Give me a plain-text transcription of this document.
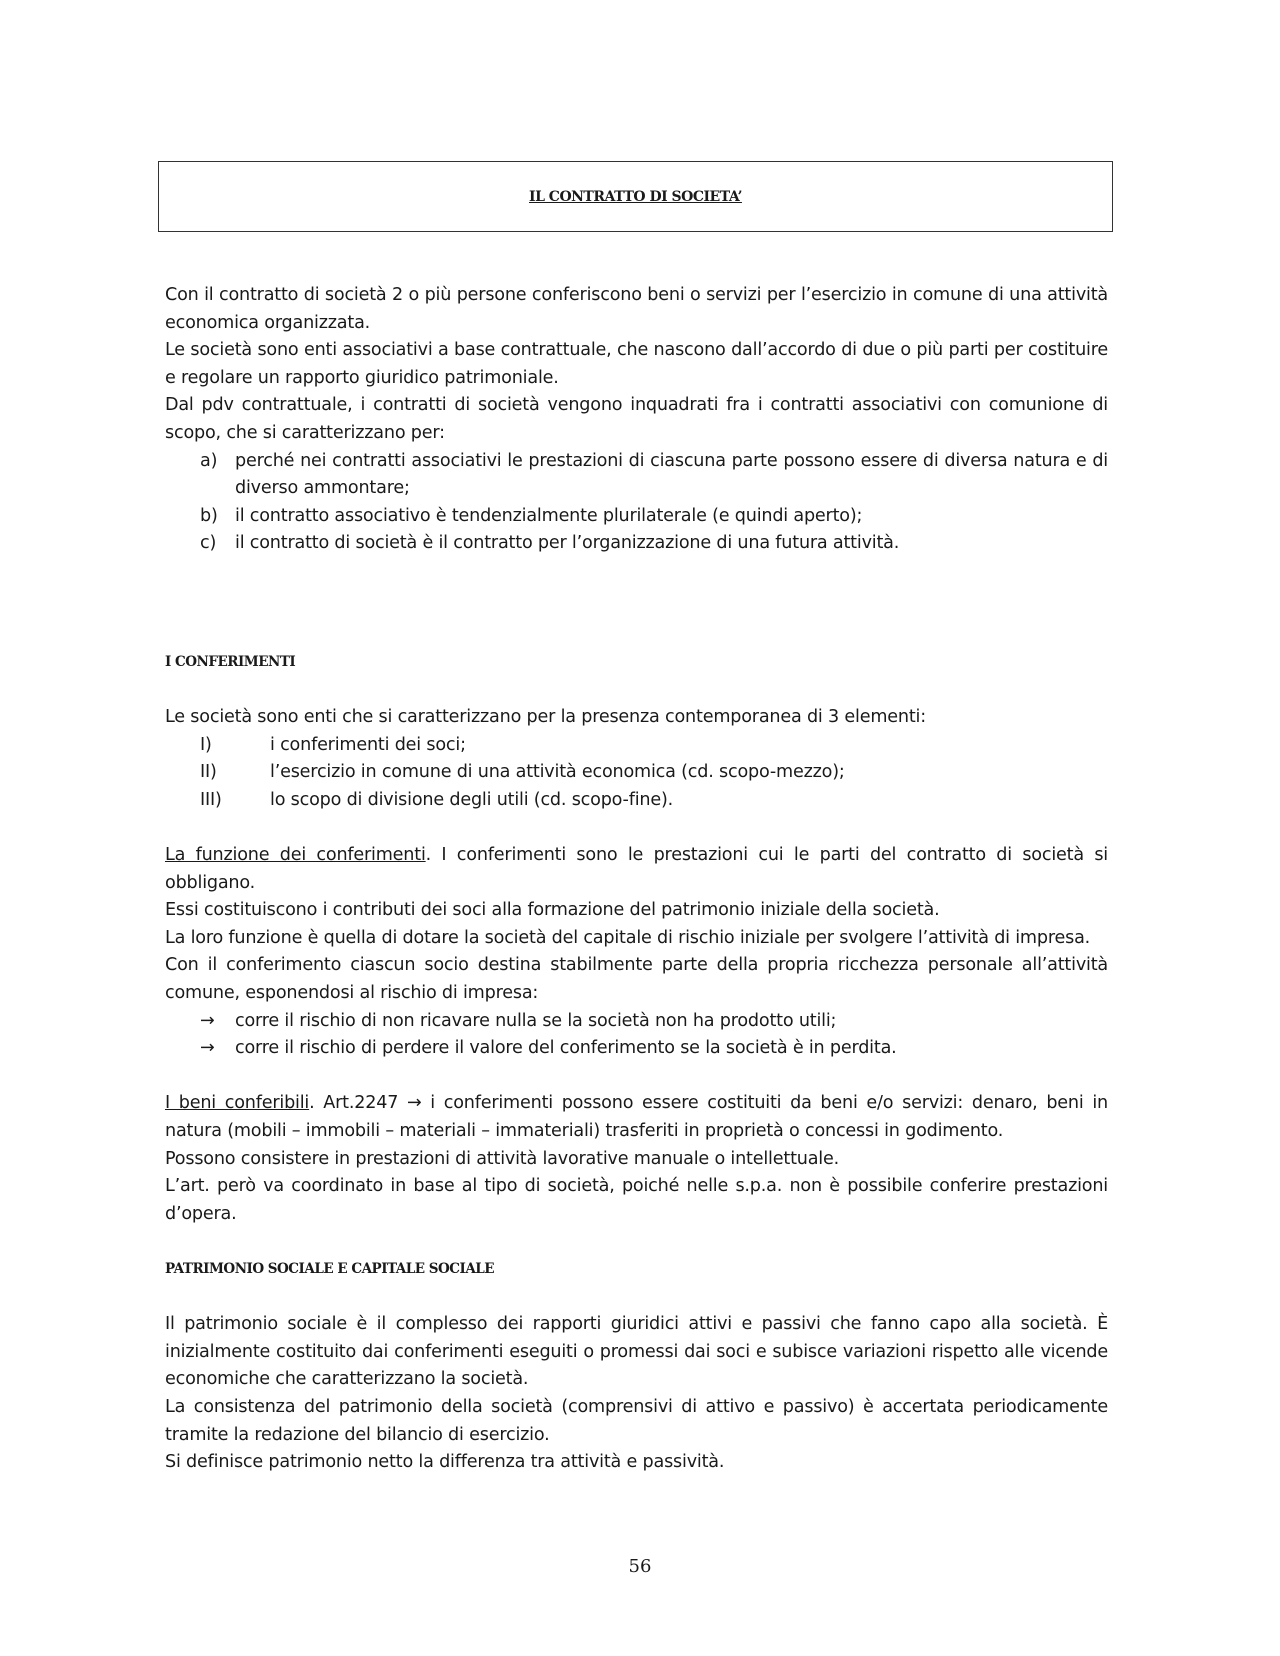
IL CONTRATTO DI SOCIETA’

Con il contratto di società 2 o più persone conferiscono beni o servizi per l’esercizio in comune di una attività economica organizzata.

Le società sono enti associativi a base contrattuale, che nascono dall’accordo di due o più parti per costituire e regolare un rapporto giuridico patrimoniale.

Dal pdv contrattuale, i contratti di società vengono inquadrati fra i contratti associativi con comunione di scopo, che si caratterizzano per:

a)	perché nei contratti associativi le prestazioni di ciascuna parte possono essere di diversa natura e di diverso ammontare;
b) il contratto associativo è tendenzialmente plurilaterale (e quindi aperto);
c)	il contratto di società è il contratto per l’organizzazione di una futura attività.
I CONFERIMENTI

Le società sono enti che si caratterizzano per la presenza contemporanea di 3 elementi:

I)	i conferimenti dei soci;
II)	l’esercizio in comune di una attività economica (cd. scopo-mezzo);
III)	lo scopo di divisione degli utili (cd. scopo-fine).

La funzione dei conferimenti. I conferimenti sono le prestazioni cui le parti del contratto di società si obbligano.

Essi costituiscono i contributi dei soci alla formazione del patrimonio iniziale della società.

La loro funzione è quella di dotare la società del capitale di rischio iniziale per svolgere l’attività di impresa.

Con il conferimento ciascun socio destina stabilmente parte della propria ricchezza personale all’attività comune, esponendosi al rischio di impresa:

→	corre il rischio di non ricavare nulla se la società non ha prodotto utili;
→	corre il rischio di perdere il valore del conferimento se la società è in perdita.

I beni conferibili. Art.2247 → i conferimenti possono essere costituiti da beni e/o servizi: denaro, beni in natura (mobili – immobili – materiali – immateriali) trasferiti in proprietà o concessi in godimento.

Possono consistere in prestazioni di attività lavorative manuale o intellettuale.

L’art. però va coordinato in base al tipo di società, poiché nelle s.p.a. non è possibile conferire prestazioni d’opera.

PATRIMONIO SOCIALE E CAPITALE SOCIALE

Il patrimonio sociale è il complesso dei rapporti giuridici attivi e passivi che fanno capo alla società. È inizialmente costituito dai conferimenti eseguiti o promessi dai soci e subisce variazioni rispetto alle vicende economiche che caratterizzano la società.

La consistenza del patrimonio della società (comprensivi di attivo e passivo) è accertata periodicamente tramite la redazione del bilancio di esercizio.

Si definisce patrimonio netto la differenza tra attività e passività.

56
